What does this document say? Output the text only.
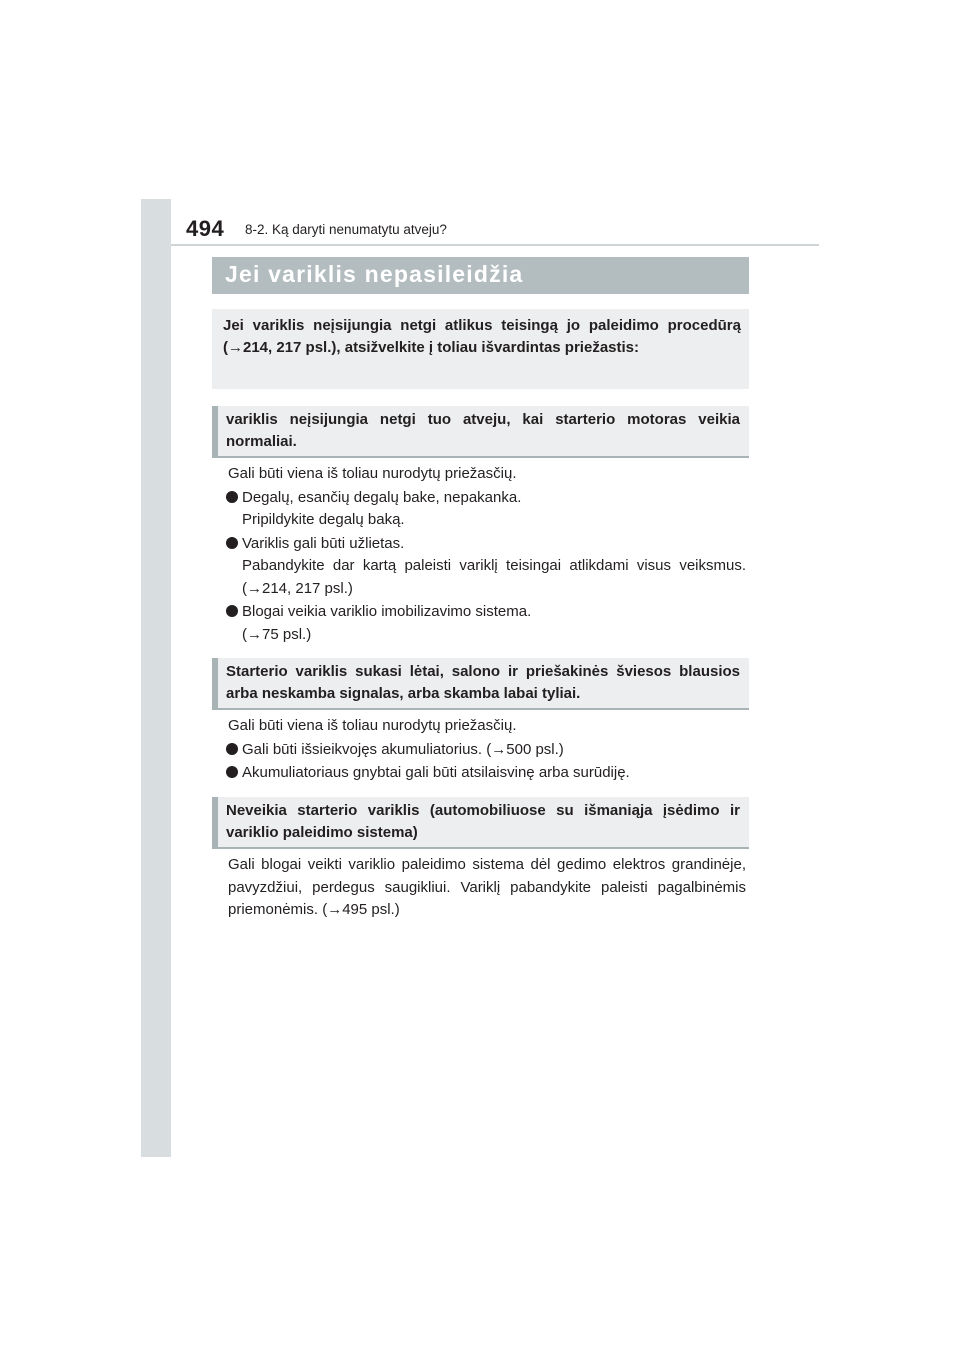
494 8-2. Ką daryti nenumatytu atveju?
Jei variklis nepasileidžia
Jei variklis neįsijungia netgi atlikus teisingą jo paleidimo procedūrą (→214, 217 psl.), atsižvelkite į toliau išvardintas priežastis:
variklis neįsijungia netgi tuo atveju, kai starterio motoras veikia normaliai.

Gali būti viena iš toliau nurodytų priežasčių.

Degalų, esančių degalų bake, nepakanka.
Pripildykite degalų baką.
Variklis gali būti užlietas.
Pabandykite dar kartą paleisti variklį teisingai atlikdami visus veiksmus. (→214, 217 psl.)
Blogai veikia variklio imobilizavimo sistema.
(→75 psl.)
Starterio variklis sukasi lėtai, salono ir priešakinės šviesos blausios arba neskamba signalas, arba skamba labai tyliai.

Gali būti viena iš toliau nurodytų priežasčių.

Gali būti išsieikvojęs akumuliatorius. (→500 psl.)
Akumuliatoriaus gnybtai gali būti atsilaisvinę arba surūdiję.
Neveikia starterio variklis (automobiliuose su išmaniąja įsėdimo ir variklio paleidimo sistema)

Gali blogai veikti variklio paleidimo sistema dėl gedimo elektros grandinėje, pavyzdžiui, perdegus saugikliui. Variklį pabandykite paleisti pagalbinėmis priemonėmis. (→495 psl.)
